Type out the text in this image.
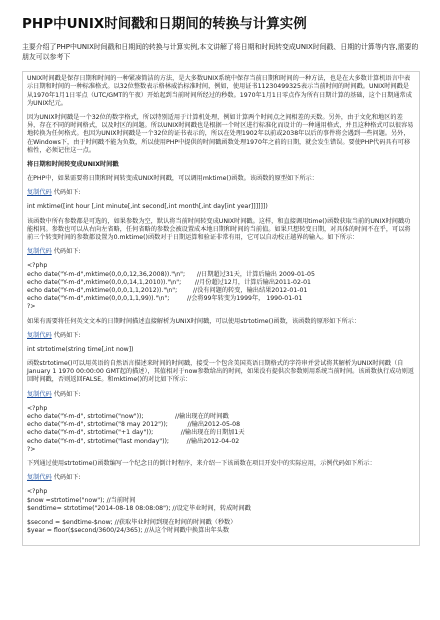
PHP中UNIX时间戳和日期间的转换与计算实例

主要介绍了PHP中UNIX时间戳和日期间的转换与计算实例,本文讲解了将日期和时间转变成UNIX时间戳、日期的计算等内容,需要的朋友可以参考下

UNIX时间戳是保存日期和时间的一种紧凑简洁的方法，是大多数UNIX系统中保存当前日期和时间的一种方法，也是在大多数计算机语言中表示日期和时间的一种标准格式。以32位整数表示格林威治标准时间，例如，使用证书11230499325表示当前时间的时间戳。UNIX时间戳是从1970年1月1日零点（UTC/GMT的午夜）开始起到当前时间所经过的秒数。1970年1月1日零点作为所有日期计算的基础，这个日期通常成为UNIX纪元。

因为UNIX时间戳是一个32位的数字格式，所以特别适用于计算机处理，例如计算两个时间点之间相差的天数。另外，由于文化和地区的差异，存在不同的时间格式，以及时区的问题。所以UNIX时间戳也是根据一个时区进行标准化而设计的一种通用格式，并且这种格式可以很容易地转换为任何格式。也因为UNIX时间戳是一个32位的证书表示的，所以在处理1902年以前或2038年以后的事件将会遇到一些问题。另外，在Windows下，由于时间戳不能为负数，所以使用PHP中提供的时间戳函数处理1970年之前的日期，就会发生错误。要使PHP代码具有可移植性，必须记住这一点。

将日期和时间转变成UNIX时间戳

在PHP中，如果需要将日期和时间转变成UNIX时间戳，可以调用mktime()函数。该函数的原型如下所示：

复制代码 代码如下:

int mktime([int hour [,int minute[,int second[,int month[,int day[int year]]]]]])

该函数中所有参数都是可选的，如果参数为空，默认将当前时间转变成UNIX时间戳。这样，和直接调用time()函数获取当前的UNIX时间戳功能相同。参数也可以从右向左省略，任何省略的参数会被设置成本地日期和时间的当前值。如果只想转变日期，对具体的时间不在乎，可以将前三个转变时间的参数都设置为0.mktime()函数对于日期运算和验证非常有用，它可以自动校正越界的输入。如下所示：

复制代码 代码如下:

<?php
echo date("Y-m-d",mktime(0,0,0,12,36,2008))."\n";      //日期超过31天，计算后输出 2009-01-05
echo date("Y-m-d",mktime(0,0,0,14,1,2010))."\n";       //月份超过12月，计算后输出2011-02-01
echo date("Y-m-d",mktime(0,0,0,1,1,2012))."\n";        //没有问题的转变，输出结果2012-01-01
echo date("Y-m-d",mktime(0,0,0,1,1,99))."\n";         //会将99年转变为1999年， 1990-01-01
?>

如果有需要将任何英文文本的日期时间描述直接解析为UNIX时间戳，可以使用strtotime()函数，该函数的原形如下所示：

复制代码 代码如下:

int strtotime(string time[,int now])

函数strtotime()可以用英语的自然语言描述来时间的时间戳，接受一个包含美国英语日期格式的字符串并尝试将其解析为UNIX时间戳（自January 1 1970 00:00:00 GMT起的描述），其值相对于now参数给出的时间，如果没有提供次参数则用系统当前时间。该函数执行成功则返回时间戳，否则返回FALSE。和mktime()的对比如下所示：

复制代码 代码如下:

<?php
echo date("Y-m-d", strtotime("now"));                //输出现在的时间戳
echo date("Y-m-d", strtotime("8 may 2012"));          //输出2012-05-08
echo date("Y-m-d", strtotime("+1 day"));              //输出现在的日期加1天
echo date("Y-m-d", strtotime("last monday"));         //输出2012-04-02
?>

下列通过使用strtotime()函数编写一个纪念日的倒计时程序，来介绍一下该函数在项目开发中的实际应用，示例代码如下所示：

复制代码 代码如下:

<?php
$now =strtotime("now"); //当前时间
$endtime= strtotime("2014-08-18 08:08:08"); //设定毕业时间，转成时间戳
$second = $endtime-$now; //获取毕业时间到现在时间的时间戳（秒数）
$year = floor($second/3600/24/365); //从这个时间戳中换算出年头数
